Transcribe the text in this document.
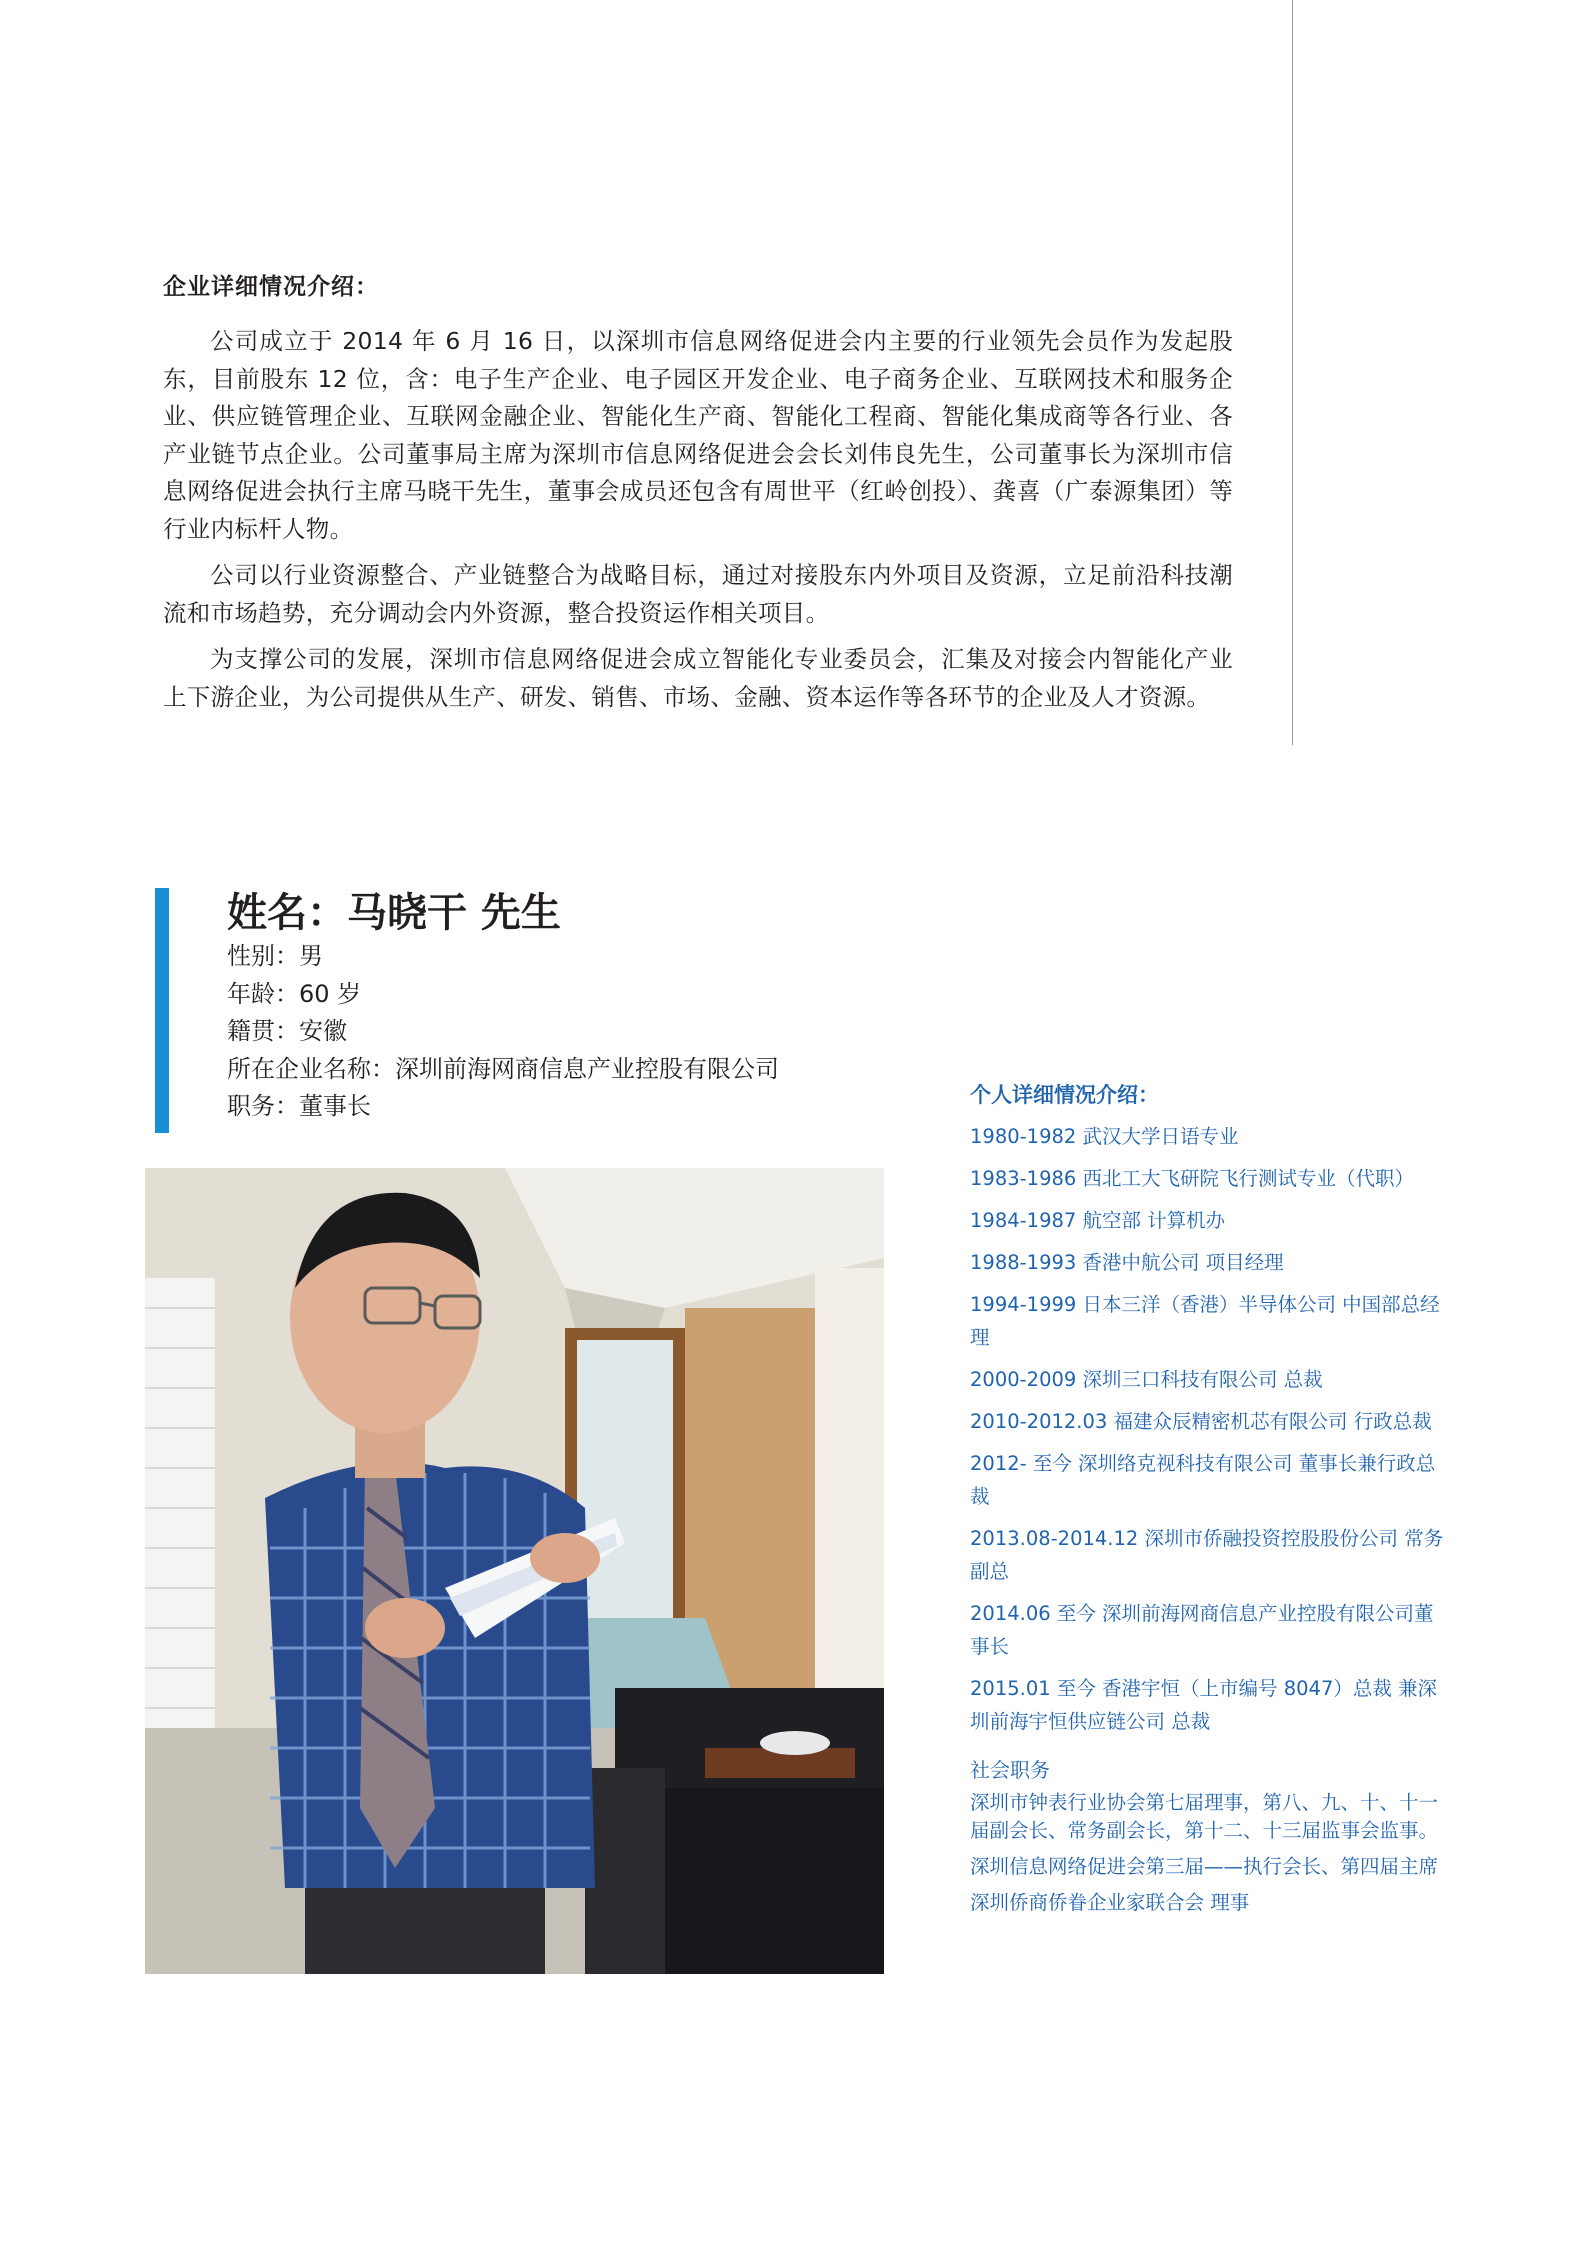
企业详细情况介绍：

公司成立于 2014 年 6 月 16 日，以深圳市信息网络促进会内主要的行业领先会员作为发起股东，目前股东 12 位，含：电子生产企业、电子园区开发企业、电子商务企业、互联网技术和服务企业、供应链管理企业、互联网金融企业、智能化生产商、智能化工程商、智能化集成商等各行业、各产业链节点企业。公司董事局主席为深圳市信息网络促进会会长刘伟良先生，公司董事长为深圳市信息网络促进会执行主席马晓干先生，董事会成员还包含有周世平（红岭创投）、龚喜（广泰源集团）等行业内标杆人物。

公司以行业资源整合、产业链整合为战略目标，通过对接股东内外项目及资源，立足前沿科技潮流和市场趋势，充分调动会内外资源，整合投资运作相关项目。

为支撑公司的发展，深圳市信息网络促进会成立智能化专业委员会，汇集及对接会内智能化产业上下游企业，为公司提供从生产、研发、销售、市场、金融、资本运作等各环节的企业及人才资源。

姓名：马晓干 先生
性别：男
年龄：60 岁
籍贯：安徽
所在企业名称：深圳前海网商信息产业控股有限公司
职务：董事长	个人详细情况介绍：
1980-1982 武汉大学日语专业
1983-1986 西北工大飞研院飞行测试专业（代职）
1984-1987 航空部 计算机办
1988-1993 香港中航公司 项目经理
1994-1999 日本三洋（香港）半导体公司 中国部总经理
2000-2009 深圳三口科技有限公司 总裁
2010-2012.03 福建众辰精密机芯有限公司 行政总裁
2012- 至今 深圳络克视科技有限公司 董事长兼行政总裁
2013.08-2014.12 深圳市侨融投资控股股份公司 常务副总
2014.06 至今 深圳前海网商信息产业控股有限公司董事长
2015.01 至今 香港宇恒（上市编号 8047）总裁 兼深圳前海宇恒供应链公司 总裁
社会职务
深圳市钟表行业协会第七届理事，第八、九、十、十一届副会长、常务副会长，第十二、十三届监事会监事。
深圳信息网络促进会第三届——执行会长、第四届主席
深圳侨商侨眷企业家联合会 理事
